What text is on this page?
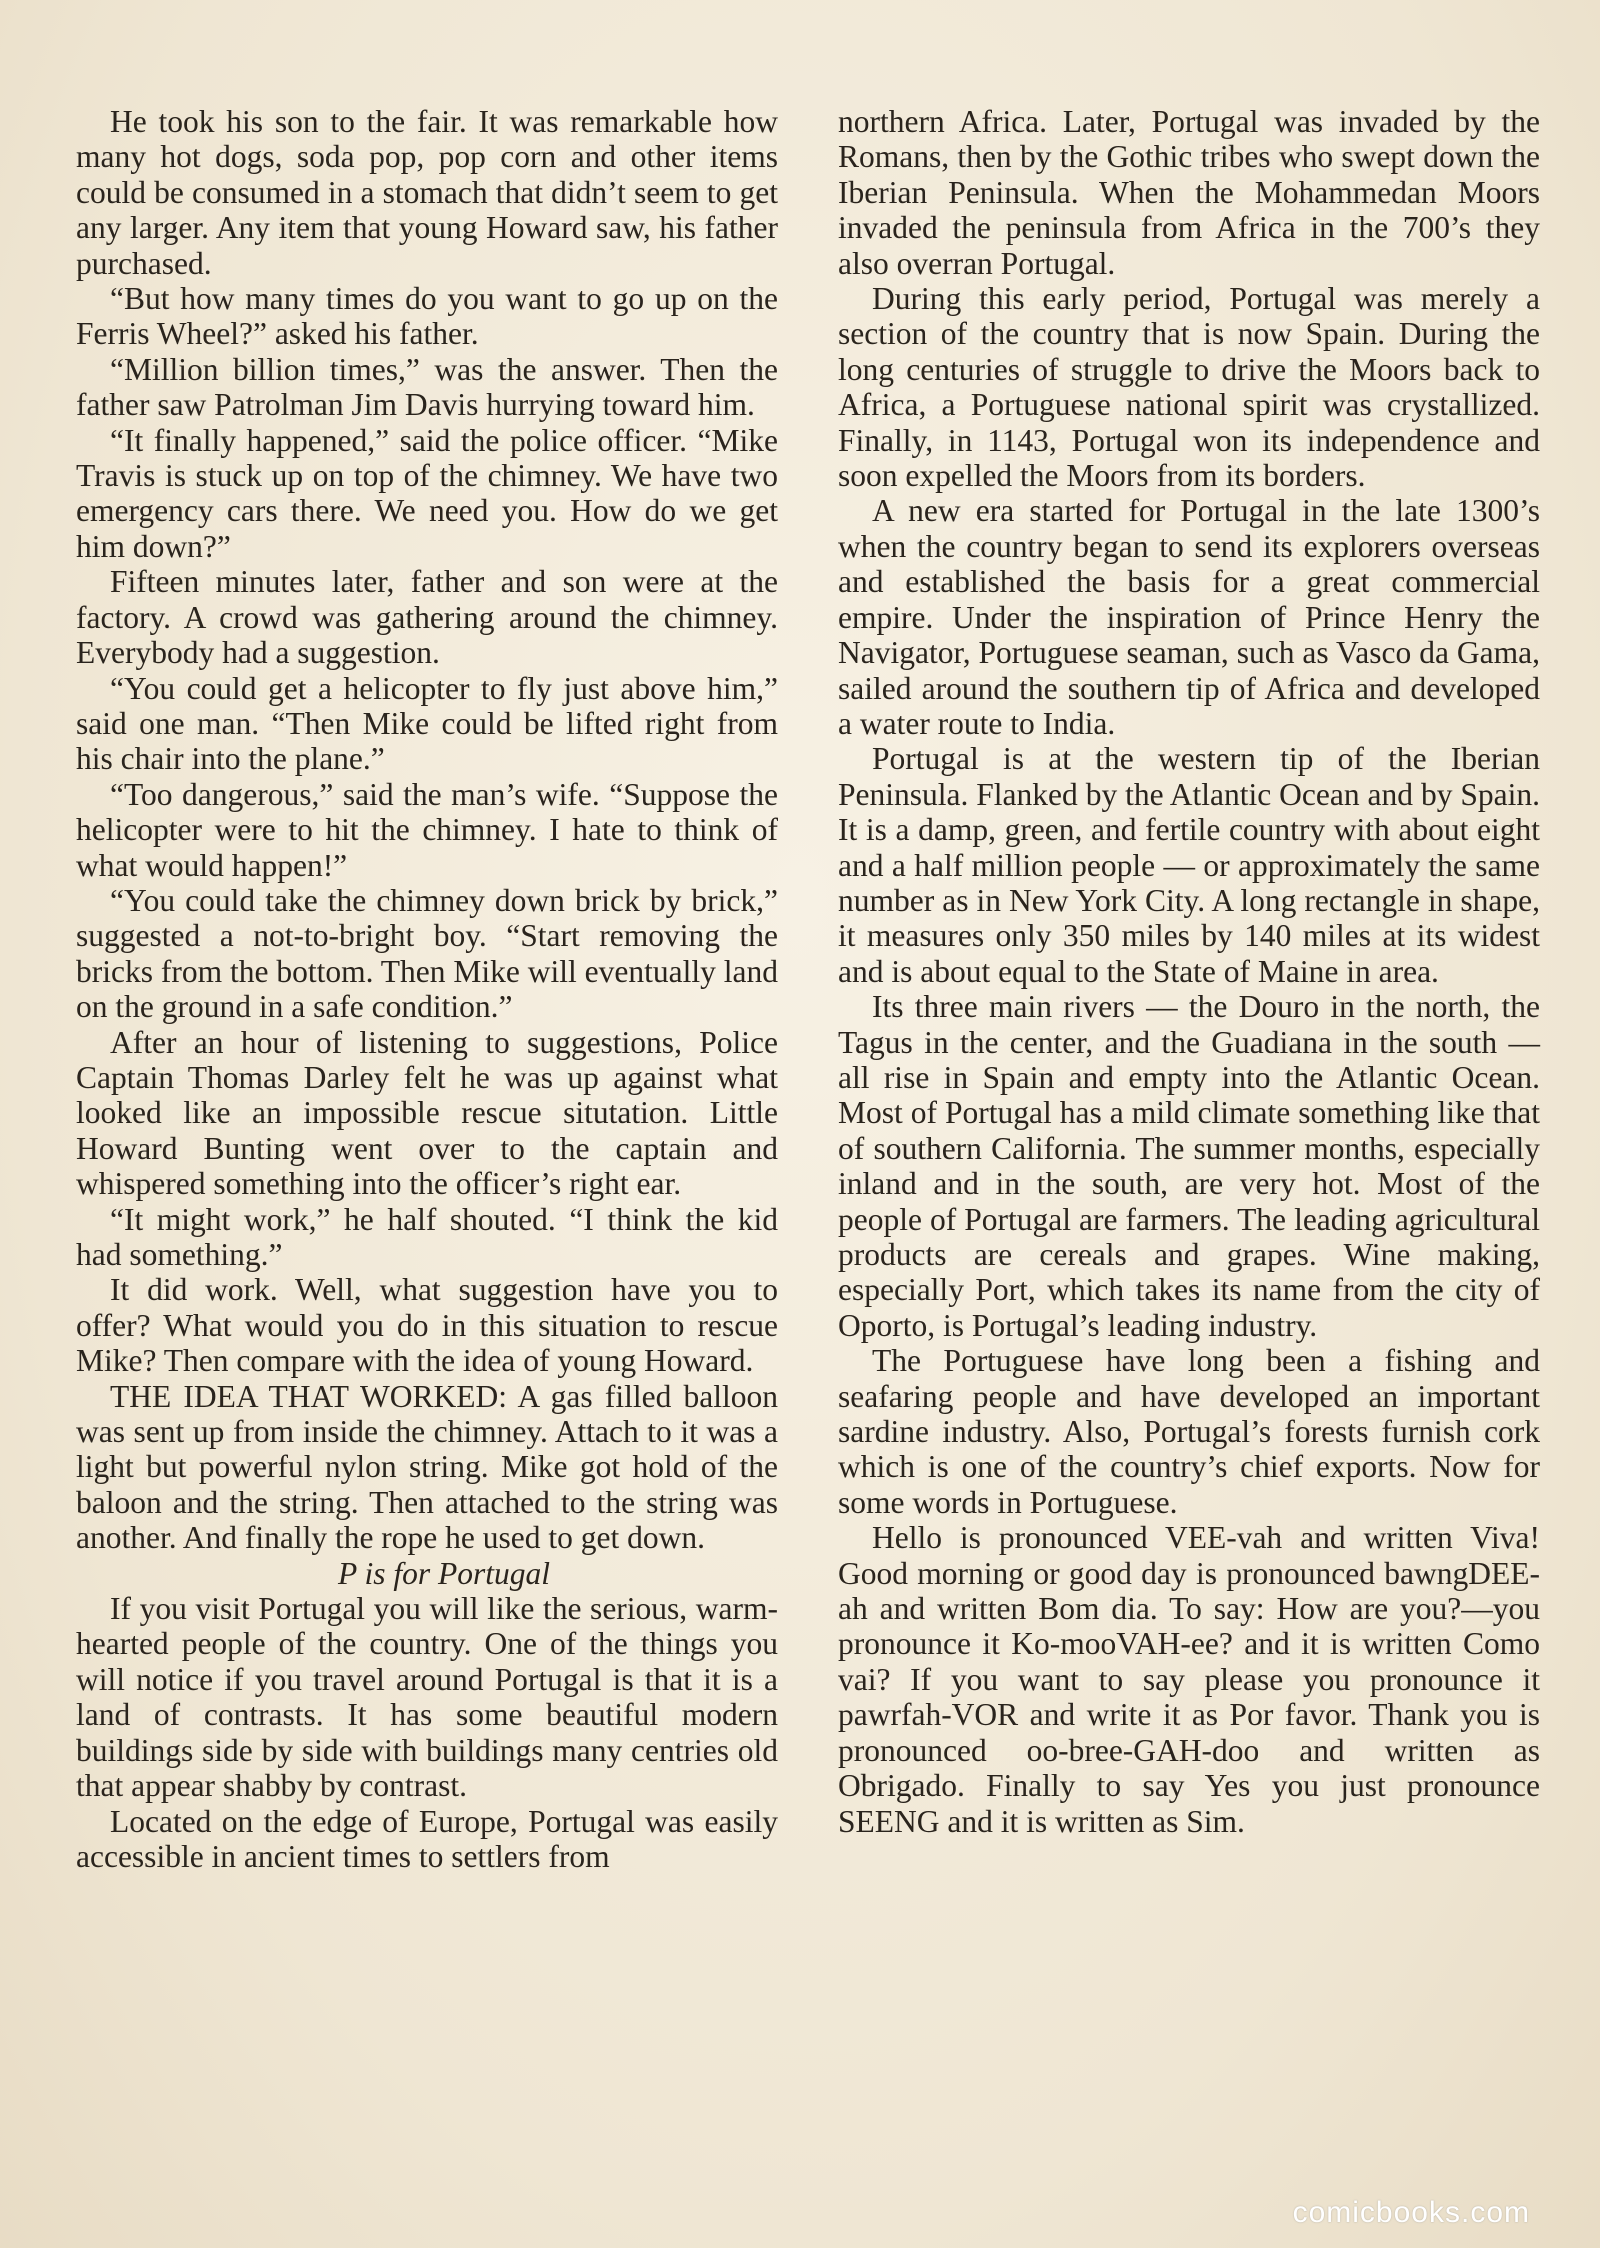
He took his son to the fair. It was remarkable how many hot dogs, soda pop, pop corn and other items could be consumed in a stomach that didn’t seem to get any larger. Any item that young Howard saw, his father purchased.

“But how many times do you want to go up on the Ferris Wheel?” asked his father.

“Million billion times,” was the answer. Then the father saw Patrolman Jim Davis hurrying toward him.

“It finally happened,” said the police officer. “Mike Travis is stuck up on top of the chimney. We have two emergency cars there. We need you. How do we get him down?”

Fifteen minutes later, father and son were at the factory. A crowd was gathering around the chimney. Everybody had a suggestion.

“You could get a helicopter to fly just above him,” said one man. “Then Mike could be lifted right from his chair into the plane.”

“Too dangerous,” said the man’s wife. “Suppose the helicopter were to hit the chimney. I hate to think of what would happen!”

“You could take the chimney down brick by brick,” suggested a not-to-bright boy. “Start removing the bricks from the bottom. Then Mike will eventually land on the ground in a safe condition.”

After an hour of listening to suggestions, Police Captain Thomas Darley felt he was up against what looked like an impossible rescue situtation. Little Howard Bunting went over to the captain and whispered something into the officer’s right ear.

“It might work,” he half shouted. “I think the kid had something.”

It did work. Well, what suggestion have you to offer? What would you do in this situation to rescue Mike? Then compare with the idea of young Howard.

THE IDEA THAT WORKED: A gas filled balloon was sent up from inside the chimney. Attach to it was a light but powerful nylon string. Mike got hold of the baloon and the string. Then attached to the string was another. And finally the rope he used to get down.

P is for Portugal

If you visit Portugal you will like the serious, warm-hearted people of the country. One of the things you will notice if you travel around Portugal is that it is a land of contrasts. It has some beautiful modern buildings side by side with buildings many centries old that appear shabby by contrast.

Located on the edge of Europe, Portugal was easily accessible in ancient times to settlers from

northern Africa. Later, Portugal was invaded by the Romans, then by the Gothic tribes who swept down the Iberian Peninsula. When the Mohammedan Moors invaded the peninsula from Africa in the 700’s they also overran Portugal.

During this early period, Portugal was merely a section of the country that is now Spain. During the long centuries of struggle to drive the Moors back to Africa, a Portuguese national spirit was crystallized. Finally, in 1143, Portugal won its independence and soon expelled the Moors from its borders.

A new era started for Portugal in the late 1300’s when the country began to send its explorers overseas and established the basis for a great commercial empire. Under the inspiration of Prince Henry the Navigator, Portuguese seaman, such as Vasco da Gama, sailed around the southern tip of Africa and developed a water route to India.

Portugal is at the western tip of the Iberian Peninsula. Flanked by the Atlantic Ocean and by Spain. It is a damp, green, and fertile country with about eight and a half million people — or approximately the same number as in New York City. A long rectangle in shape, it measures only 350 miles by 140 miles at its widest and is about equal to the State of Maine in area.

Its three main rivers — the Douro in the north, the Tagus in the center, and the Guadiana in the south — all rise in Spain and empty into the Atlantic Ocean. Most of Portugal has a mild climate something like that of southern California. The summer months, especially inland and in the south, are very hot. Most of the people of Portugal are farmers. The leading agricultural products are cereals and grapes. Wine making, especially Port, which takes its name from the city of Oporto, is Portugal’s leading industry.

The Portuguese have long been a fishing and seafaring people and have developed an important sardine industry. Also, Portugal’s forests furnish cork which is one of the country’s chief exports. Now for some words in Portuguese.

Hello is pronounced VEE-vah and written Viva! Good morning or good day is pronounced bawngDEE-ah and written Bom dia. To say: How are you?—you pronounce it Ko-mooVAH-ee? and it is written Como vai? If you want to say please you pronounce it pawrfah-VOR and write it as Por favor. Thank you is pronounced oo-bree-GAH-doo and written as Obrigado. Finally to say Yes you just pronounce SEENG and it is written as Sim.

comicbooks.com
